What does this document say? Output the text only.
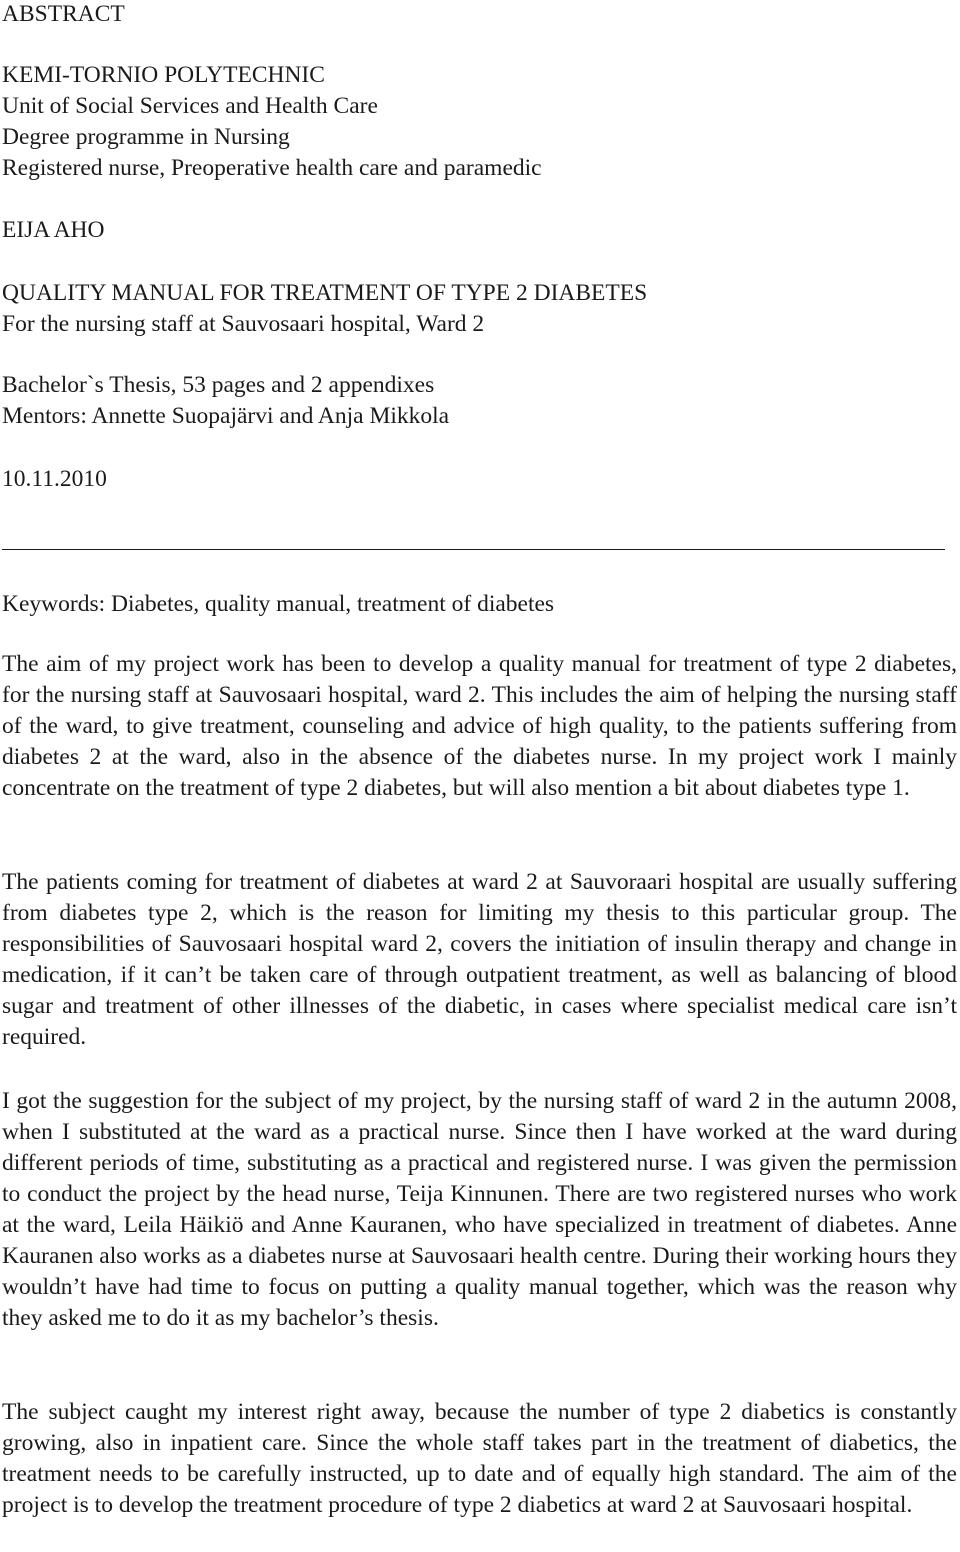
ABSTRACT
KEMI-TORNIO POLYTECHNIC
Unit of Social Services and Health Care
Degree programme in Nursing
Registered nurse, Preoperative health care and paramedic
EIJA AHO
QUALITY MANUAL FOR TREATMENT OF TYPE 2 DIABETES
For the nursing staff at Sauvosaari hospital, Ward 2
Bachelor`s Thesis, 53 pages and 2 appendixes
Mentors: Annette Suopajärvi and Anja Mikkola
10.11.2010
Keywords: Diabetes, quality manual, treatment of diabetes
The aim of my project work has been to develop a quality manual for treatment of type 2 diabetes, for the nursing staff at Sauvosaari hospital, ward 2. This includes the aim of helping the nursing staff of the ward, to give treatment, counseling and advice of high quality, to the patients suffering from diabetes 2 at the ward, also in the absence of the diabetes nurse. In my project work I mainly concentrate on the treatment of type 2 diabetes, but will also mention a bit about diabetes type 1.
The patients coming for treatment of diabetes at ward 2 at Sauvoraari hospital are usually suffering from diabetes type 2, which is the reason for limiting my thesis to this particular group. The responsibilities of Sauvosaari hospital ward 2, covers the initiation of insulin therapy and change in medication, if it can’t be taken care of through outpatient treatment, as well as balancing of blood sugar and treatment of other illnesses of the diabetic, in cases where specialist medical care isn’t required.
I got the suggestion for the subject of my project, by the nursing staff of ward 2 in the autumn 2008, when I substituted at the ward as a practical nurse. Since then I have worked at the ward during different periods of time, substituting as a practical and registered nurse. I was given the permission to conduct the project by the head nurse, Teija Kinnunen. There are two registered nurses who work at the ward, Leila Häikiö and Anne Kauranen, who have specialized in treatment of diabetes. Anne Kauranen also works as a diabetes nurse at Sauvosaari health centre. During their working hours they wouldn’t have had time to focus on putting a quality manual together, which was the reason why they asked me to do it as my bachelor’s thesis.
The subject caught my interest right away, because the number of type 2 diabetics is constantly growing, also in inpatient care. Since the whole staff takes part in the treatment of diabetics, the treatment needs to be carefully instructed, up to date and of equally high standard. The aim of the project is to develop the treatment procedure of type 2 diabetics at ward 2 at Sauvosaari hospital.
